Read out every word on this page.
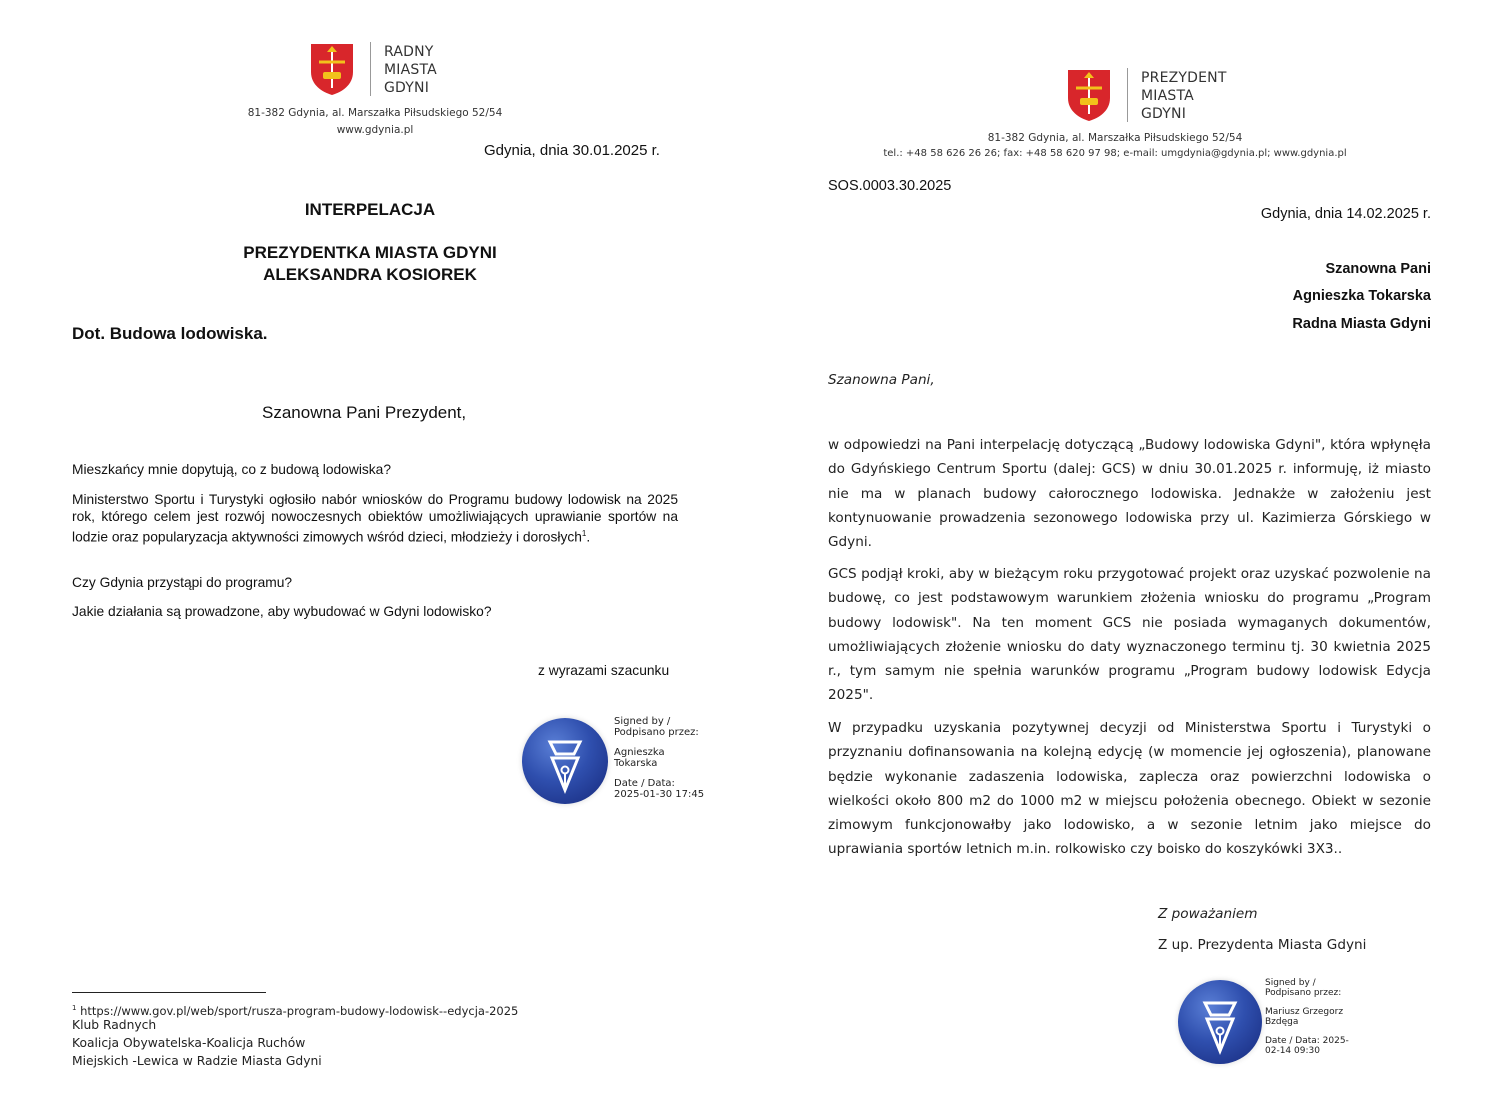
RADNY
MIASTA
GDYNI
81-382 Gdynia, al. Marszałka Piłsudskiego 52/54
www.gdynia.pl
Gdynia, dnia 30.01.2025 r.
INTERPELACJA
PREZYDENTKA MIASTA GDYNI
ALEKSANDRA KOSIOREK
Dot. Budowa lodowiska.
Szanowna Pani Prezydent,
Mieszkańcy mnie dopytują, co z budową lodowiska?
Ministerstwo Sportu i Turystyki ogłosiło nabór wniosków do Programu budowy lodowisk na 2025 rok, którego celem jest rozwój nowoczesnych obiektów umożliwiających uprawianie sportów na lodzie oraz popularyzacja aktywności zimowych wśród dzieci, młodzieży i dorosłych$^1$.
Czy Gdynia przystąpi do programu?
Jakie działania są prowadzone, aby wybudować w Gdyni lodowisko?
z wyrazami szacunku
Signed by /
Podpisano przez:
Agnieszka
Tokarska
Date / Data:
2025-01-30 17:45
$^1$ https://www.gov.pl/web/sport/rusza-program-budowy-lodowisk--edycja-2025
Klub Radnych
Koalicja Obywatelska-Koalicja Ruchów
Miejskich -Lewica w Radzie Miasta Gdyni
PREZYDENT
MIASTA
GDYNI
81-382 Gdynia, al. Marszałka Piłsudskiego 52/54
tel.: +48 58 626 26 26; fax: +48 58 620 97 98; e-mail: umgdynia@gdynia.pl; www.gdynia.pl
SOS.0003.30.2025
Gdynia, dnia 14.02.2025 r.
Szanowna Pani
Agnieszka Tokarska
Radna Miasta Gdyni
Szanowna Pani,
w odpowiedzi na Pani interpelację dotyczącą „Budowy lodowiska Gdyni", która wpłynęła do Gdyńskiego Centrum Sportu (dalej: GCS) w dniu 30.01.2025 r. informuję, iż miasto nie ma w planach budowy całorocznego lodowiska. Jednakże w założeniu jest kontynuowanie prowadzenia sezonowego lodowiska przy ul. Kazimierza Górskiego w Gdyni.
GCS podjął kroki, aby w bieżącym roku przygotować projekt oraz uzyskać pozwolenie na budowę, co jest podstawowym warunkiem złożenia wniosku do programu „Program budowy lodowisk". Na ten moment GCS nie posiada wymaganych dokumentów, umożliwiających złożenie wniosku do daty wyznaczonego terminu tj. 30 kwietnia 2025 r., tym samym nie spełnia warunków programu „Program budowy lodowisk Edycja 2025".
W przypadku uzyskania pozytywnej decyzji od Ministerstwa Sportu i Turystyki o przyznaniu dofinansowania na kolejną edycję (w momencie jej ogłoszenia), planowane będzie wykonanie zadaszenia lodowiska, zaplecza oraz powierzchni lodowiska o wielkości około 800 m2 do 1000 m2 w miejscu położenia obecnego. Obiekt w sezonie zimowym funkcjonowałby jako lodowisko, a w sezonie letnim jako miejsce do uprawiania sportów letnich m.in. rolkowisko czy boisko do koszykówki 3X3..
Z poważaniem
Z up. Prezydenta Miasta Gdyni
Signed by /
Podpisano przez:
Mariusz Grzegorz
Bzdęga
Date / Data: 2025-
02-14 09:30
